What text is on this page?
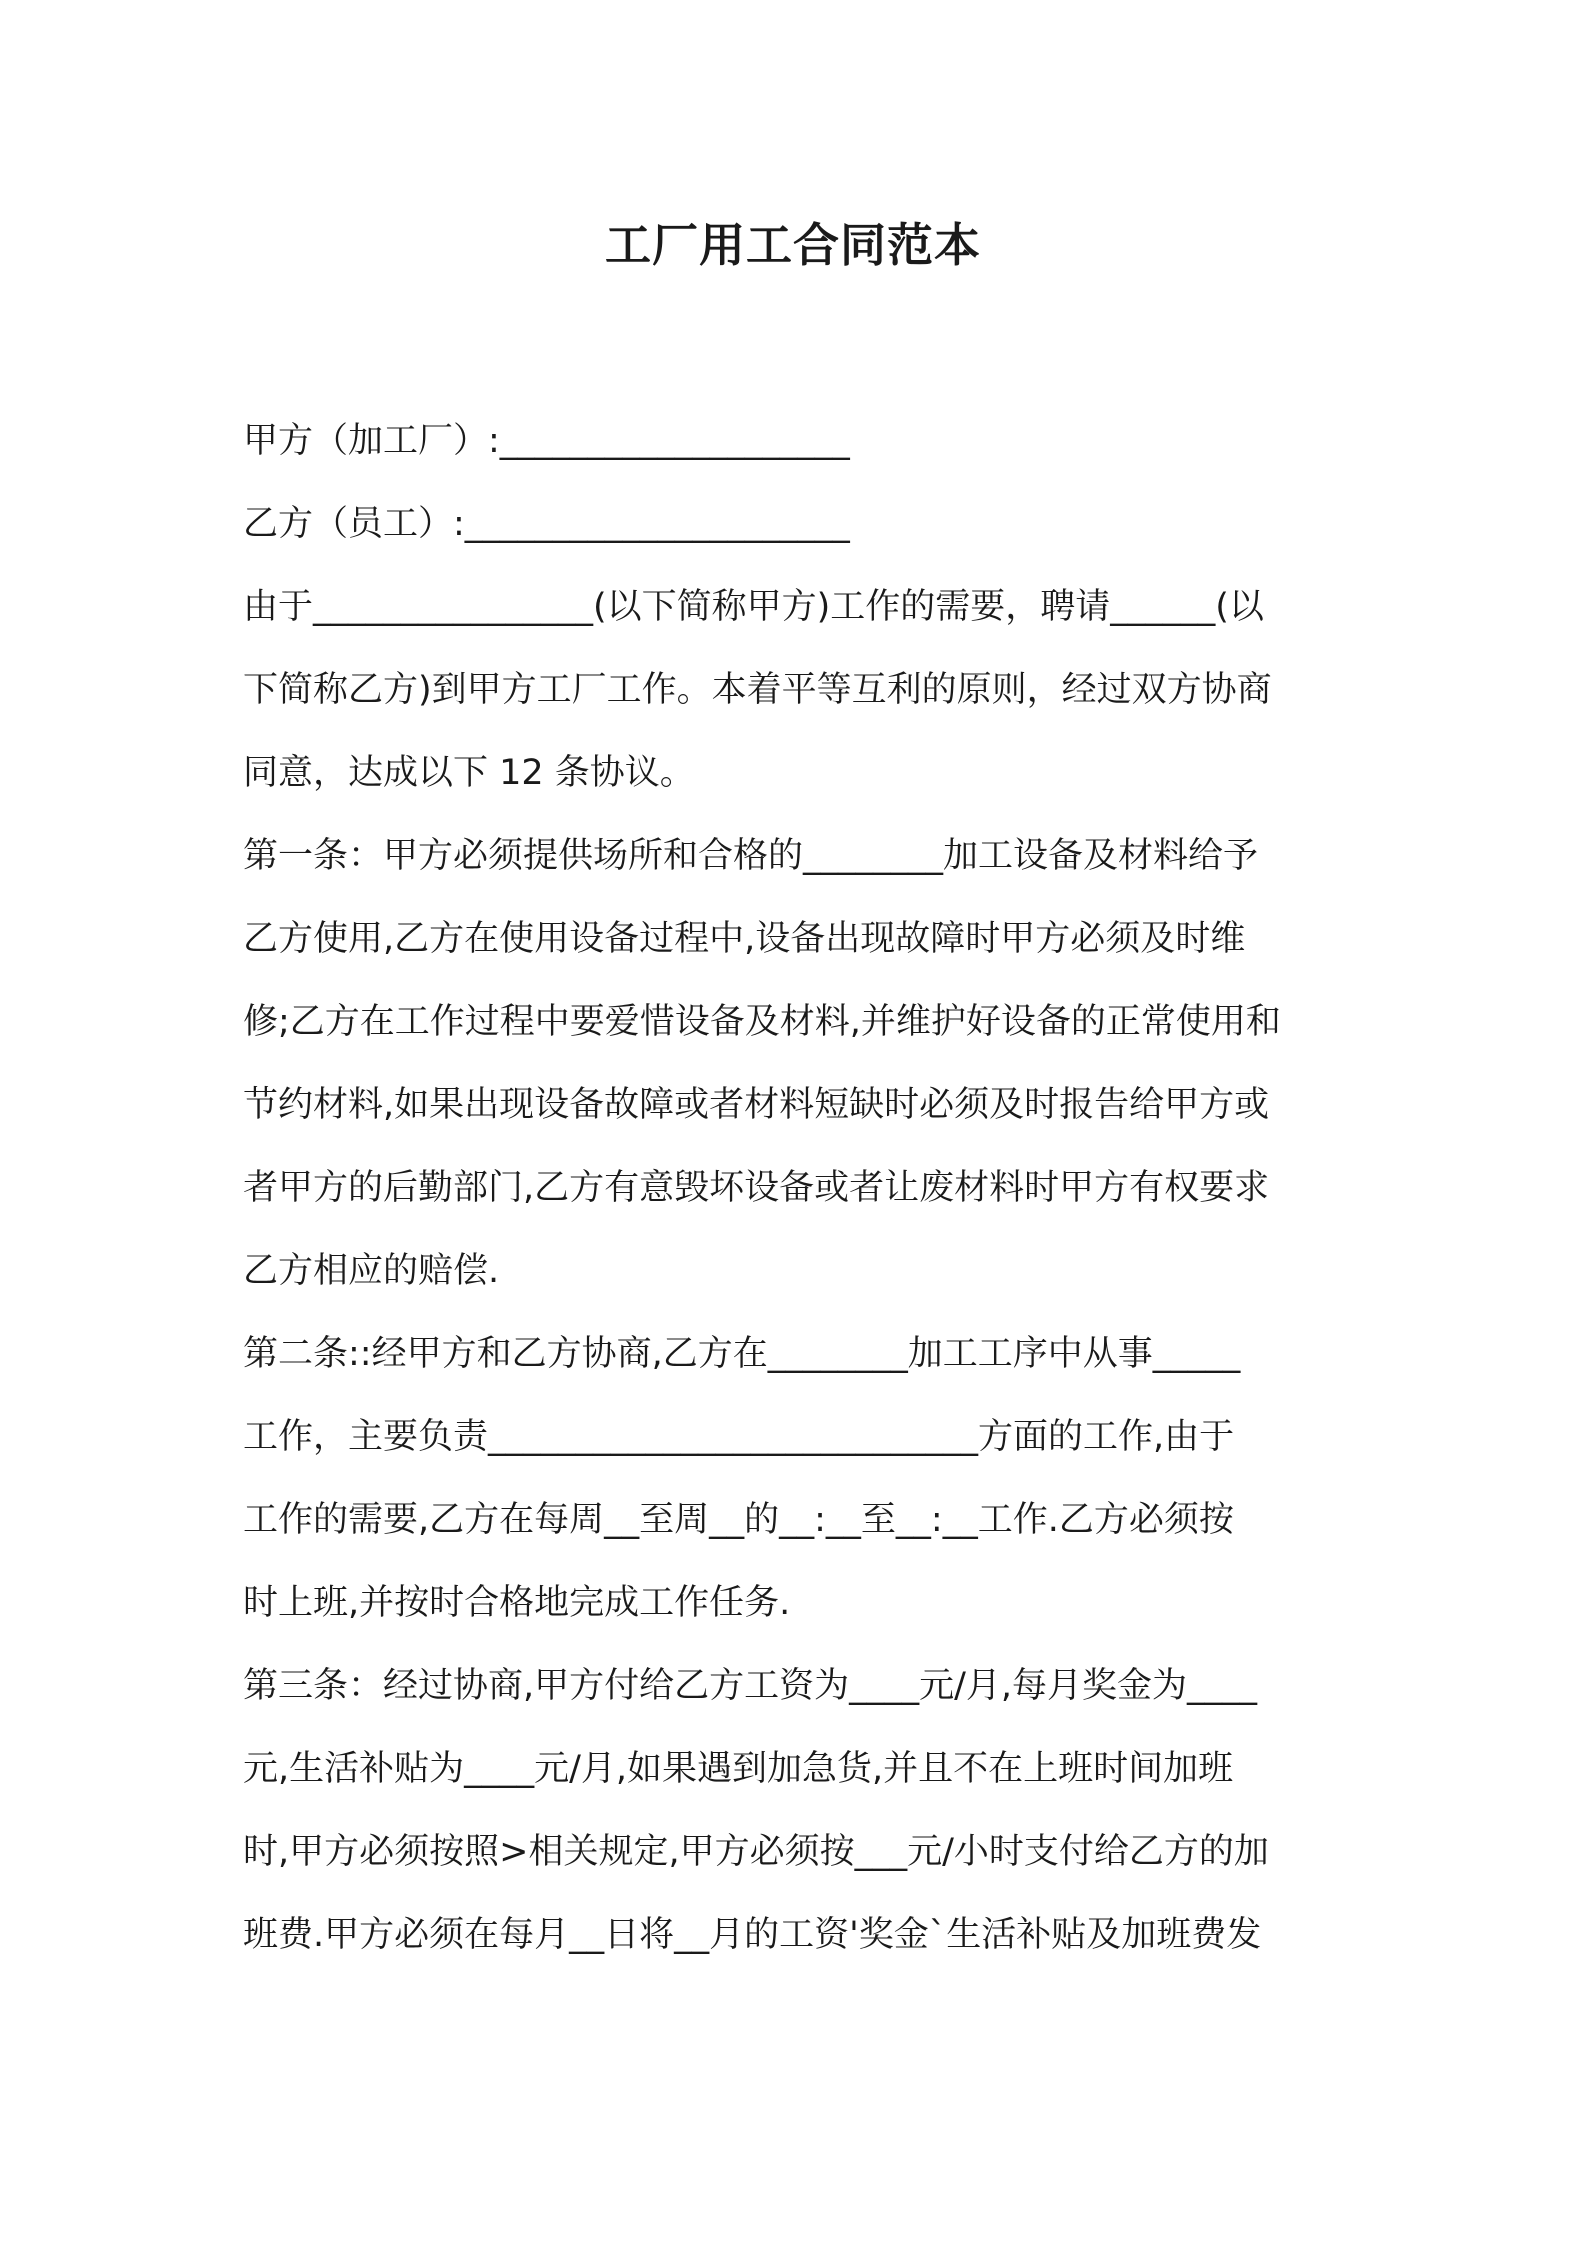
工厂用工合同范本
甲方（加工厂）:____________________
乙方（员工）:______________________
由于________________(以下简称甲方)工作的需要，聘请______(以
下简称乙方)到甲方工厂工作。本着平等互利的原则，经过双方协商
同意，达成以下 12 条协议。
第一条：甲方必须提供场所和合格的________加工设备及材料给予
乙方使用,乙方在使用设备过程中,设备出现故障时甲方必须及时维
修;乙方在工作过程中要爱惜设备及材料,并维护好设备的正常使用和
节约材料,如果出现设备故障或者材料短缺时必须及时报告给甲方或
者甲方的后勤部门,乙方有意毁坏设备或者让废材料时甲方有权要求
乙方相应的赔偿.
第二条::经甲方和乙方协商,乙方在________加工工序中从事_____
工作，主要负责____________________________方面的工作,由于
工作的需要,乙方在每周__至周__的__:__至__:__工作.乙方必须按
时上班,并按时合格地完成工作任务.
第三条：经过协商,甲方付给乙方工资为____元/月,每月奖金为____
元,生活补贴为____元/月,如果遇到加急货,并且不在上班时间加班
时,甲方必须按照>相关规定,甲方必须按___元/小时支付给乙方的加
班费.甲方必须在每月__日将__月的工资'奖金`生活补贴及加班费发
